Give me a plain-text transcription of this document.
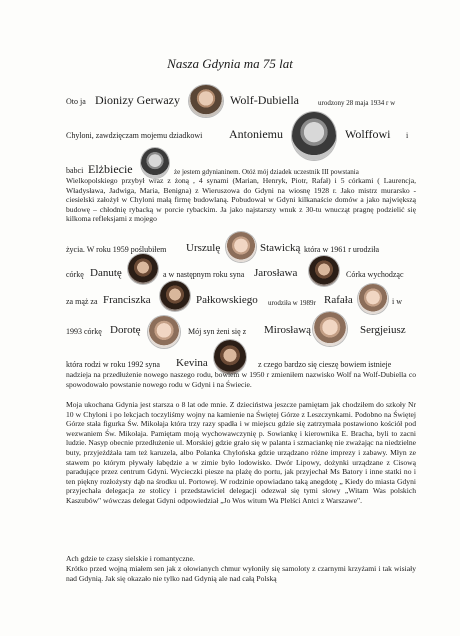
Nasza Gdynia ma 75 lat
Oto ja Dionizy Gerwazy	Wolf-Dubiella	urodzony 28 maja 1934 r w
Chyloni, zawdzięczam mojemu dziadkowi Antoniemu	Wolffowi i
babci Elżbiecie	że jestem gdynianinem. Otóż mój dziadek uczestnik III powstania
Wielkopolskiego przybył wraz z żoną , 4 synami (Marian, Henryk, Piotr, Rafał) i 5 córkami ( Laurencja, Władysława, Jadwiga, Maria, Benigna) z Wieruszowa do Gdyni na wiosnę 1928 r. Jako mistrz murarsko - ciesielski założył w Chyloni małą firmę budowlaną. Pobudował w Gdyni kilkanaście domów a jako największą budowę – chłodnię rybacką w porcie rybackim. Ja jako najstarszy wnuk z 30-tu wnucząt pragnę podzielić się kilkoma refleksjami z mojego
życia. W roku 1959 poślubiłem Urszulę	Stawicką która w 1961 r urodziła
córkę Danutę	a w następnym roku syna Jarosława	Córka wychodząc
za mąż za Franciszka	Pałkowskiego urodziła w 1989r Rafała	i w
1993 córkę Dorotę	Mój syn żeni się z Mirosławą	Sergjeiusz
która rodzi w roku 1992 syna Kevina	z czego bardzo się cieszę bowiem istnieje
nadzieja na przedłużenie nowego naszego rodu, bowiem w 1950 r zmieniłem nazwisko Wolf na Wolf-Dubiella co spowodowało powstanie nowego rodu w Gdyni i na Świecie.
Moja ukochana Gdynia jest starsza o 8 lat ode mnie. Z dzieciństwa jeszcze pamiętam jak chodziłem do szkoły Nr 10 w Chyloni i po lekcjach toczyliśmy wojny na kamienie na Świętej Górze z Leszczynkami. Podobno na Świętej Górze stała figurka Św. Mikołaja która trzy razy spadła i w miejscu gdzie się zatrzymała postawiono kościół pod wezwaniem Św. Mikołaja. Pamiętam moją wychowawczynię p. Sowiankę i kierownika E. Bracha, byli to zacni ludzie. Nasyp obecnie przedłużenie ul. Morskiej gdzie grało się w palanta i szmaciankę nie zważając na niedzielne buty, przyjeżdżała tam też karuzela, albo Polanka Chylońska gdzie urządzano różne imprezy i zabawy. Młyn ze stawem po którym pływały łabędzie a w zimie było lodowisko. Dwór Lipowy, dożynki urządzane z Cisową paradujące przez centrum Gdyni. Wycieczki piesze na plażę do portu, jak przyjechał Ms Batory i inne statki no i ten piękny rozłożysty dąb na środku ul. Portowej. W rodzinie opowiadano taką anegdotę „ Kiedy do miasta Gdyni przyjechała delegacja ze stolicy i przedstawiciel delegacji odezwał się tymi słowy „Witam Was polskich Kaszubów" wówczas delegat Gdyni odpowiedział „Jo Wos witum Wa Plelści Antci z Warszawe".
Ach gdzie te czasy sielskie i romantyczne.
Krótko przed wojną miałem sen jak z ołowianych chmur wyłoniły się samoloty z czarnymi krzyżami i tak wisiały nad Gdynią. Jak się okazało nie tylko nad Gdynią ale nad całą Polską
